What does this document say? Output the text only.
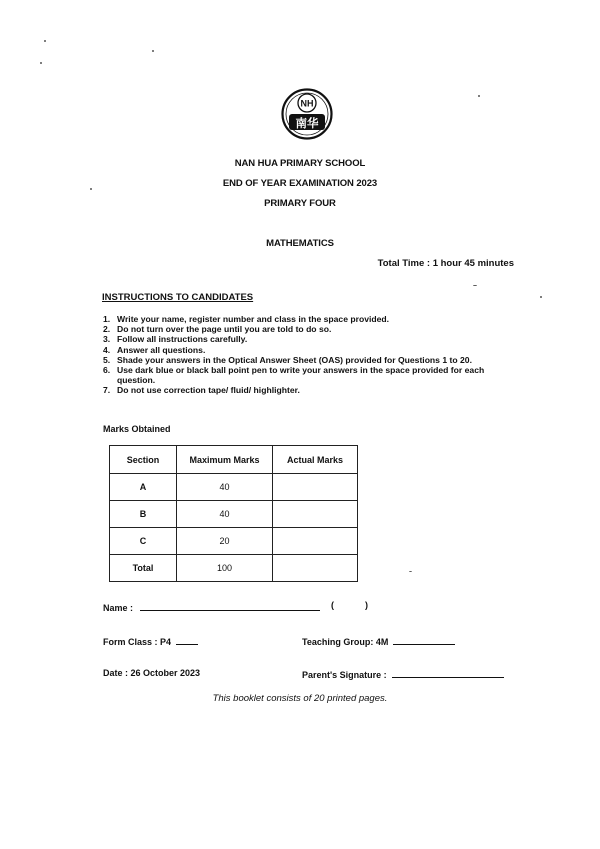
NH
南华
NAN HUA PRIMARY SCHOOL
END OF YEAR EXAMINATION 2023
PRIMARY FOUR
MATHEMATICS
Total Time : 1 hour 45 minutes
INSTRUCTIONS TO CANDIDATES
1. Write your name, register number and class in the space provided.
2. Do not turn over the page until you are told to do so.
3. Follow all instructions carefully.
4. Answer all questions.
5. Shade your answers in the Optical Answer Sheet (OAS) provided for Questions 1 to 20.
6. Use dark blue or black ball point pen to write your answers in the space provided for each question.
7. Do not use correction tape/ fluid/ highlighter.
Marks Obtained
Section	Maximum Marks	Actual Marks
A	40	
B	40	
C	20	
Total	100	
Name :	(	)
Form Class : P4	Teaching Group: 4M
Date : 26 October 2023	Parent's Signature :
This booklet consists of 20 printed pages.
